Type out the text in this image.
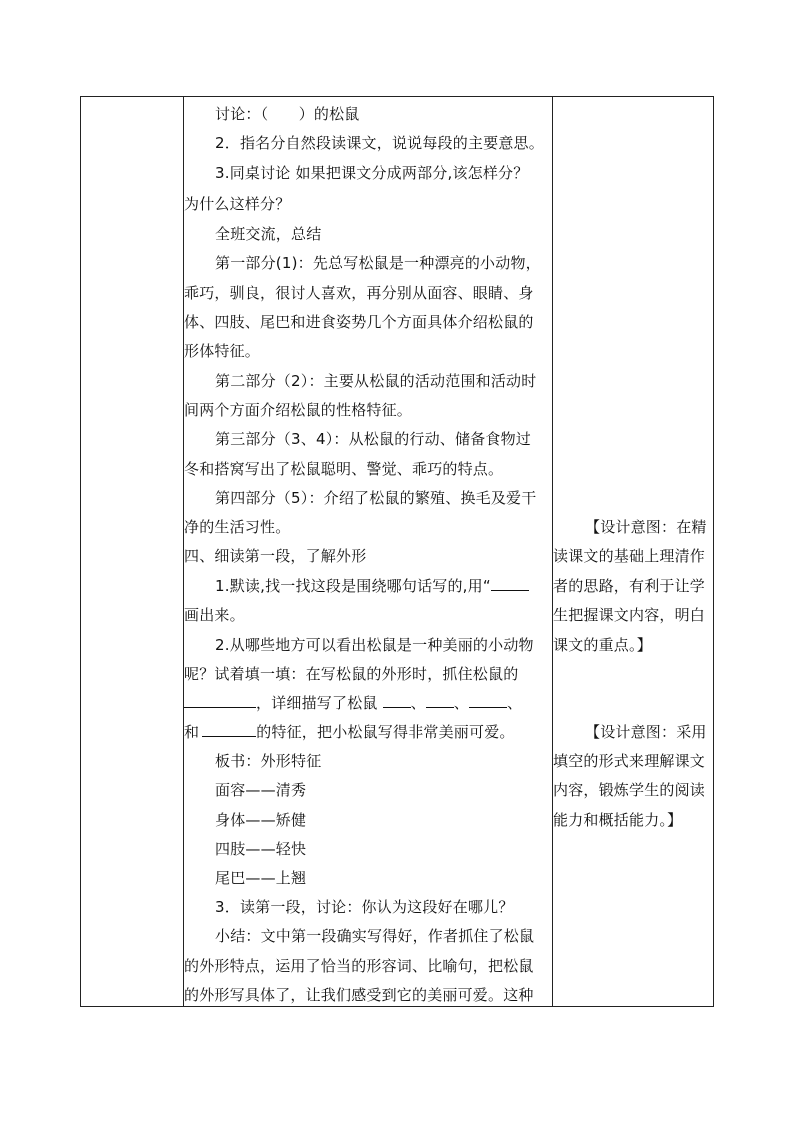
讨论：（　　）的松鼠
2．指名分自然段读课文，说说每段的主要意思。
3.同桌讨论 如果把课文分成两部分,该怎样分？
为什么这样分？
全班交流，总结
第一部分(1)：先总写松鼠是一种漂亮的小动物，
乖巧，驯良，很讨人喜欢，再分别从面容、眼睛、身
体、四肢、尾巴和进食姿势几个方面具体介绍松鼠的
形体特征。
第二部分（2）：主要从松鼠的活动范围和活动时
间两个方面介绍松鼠的性格特征。
第三部分（3、4）：从松鼠的行动、储备食物过
冬和搭窝写出了松鼠聪明、警觉、乖巧的特点。
第四部分（5）：介绍了松鼠的繁殖、换毛及爱干
净的生活习性。
四、细读第一段，了解外形
1.默读,找一找这段是围绕哪句话写的,用“
画出来。
2.从哪些地方可以看出松鼠是一种美丽的小动物
呢？试着填一填：在写松鼠的外形时，抓住松鼠的
，详细描写了松鼠 、 、	、
和	的特征，把小松鼠写得非常美丽可爱。
板书：外形特征
面容——清秀
身体——矫健
四肢——轻快
尾巴——上翘
3．读第一段，讨论：你认为这段好在哪儿？
小结：文中第一段确实写得好，作者抓住了松鼠
的外形特点，运用了恰当的形容词、比喻句，把松鼠
的外形写具体了，让我们感受到它的美丽可爱。这种
【设计意图：在精
读课文的基础上理清作
者的思路，有利于让学
生把握课文内容，明白
课文的重点。】
【设计意图：采用
填空的形式来理解课文
内容，锻炼学生的阅读
能力和概括能力。】
